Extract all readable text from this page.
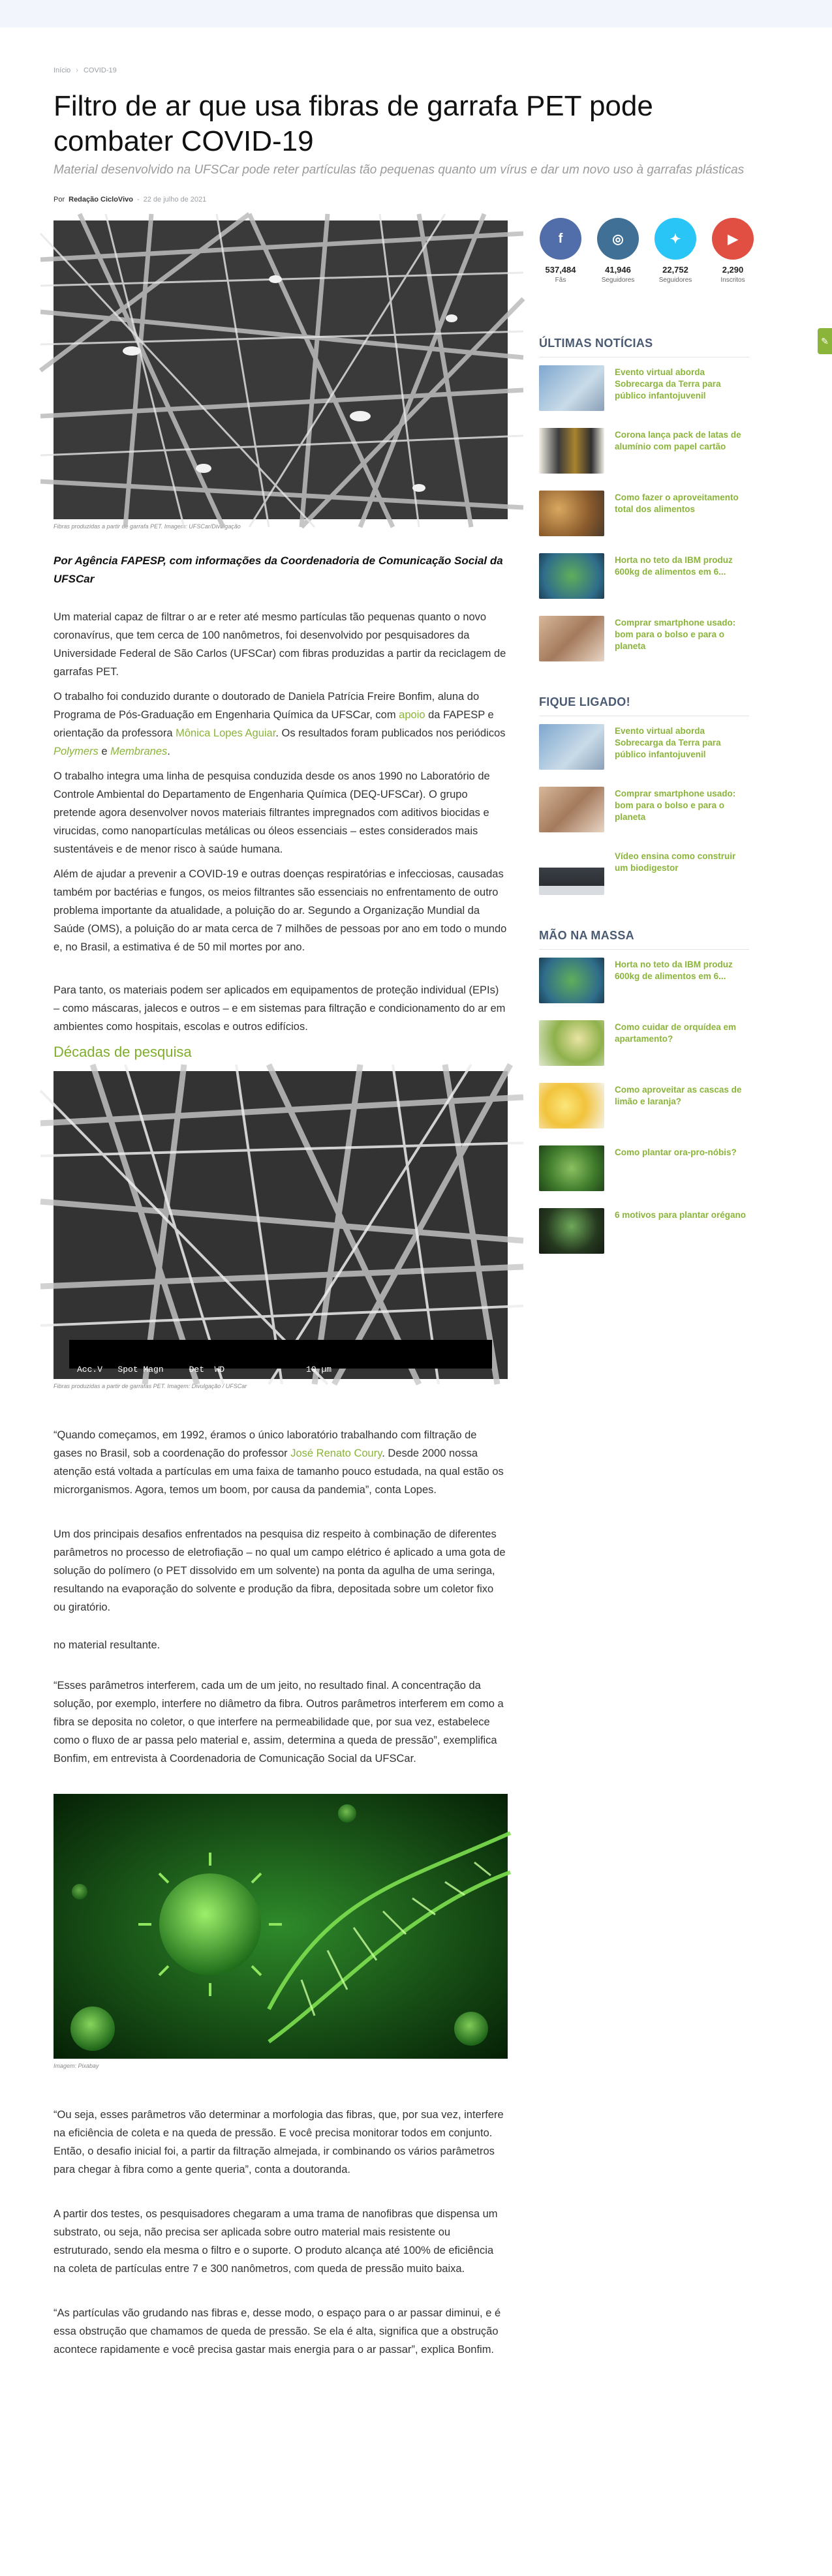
✎
Início › COVID-19
Filtro de ar que usa fibras de garrafa PET pode combater COVID-19
Material desenvolvido na UFSCar pode reter partículas tão pequenas quanto um vírus e dar um novo uso à garrafas plásticas
Por Redação CicloVivo - 22 de julho de 2021
Fibras produzidas a partir de garrafa PET. Imagem: UFSCar/Divulgação

Por Agência FAPESP, com informações da Coordenadoria de Comunicação Social da UFSCar

Um material capaz de filtrar o ar e reter até mesmo partículas tão pequenas quanto o novo coronavírus, que tem cerca de 100 nanômetros, foi desenvolvido por pesquisadores da Universidade Federal de São Carlos (UFSCar) com fibras produzidas a partir da reciclagem de garrafas PET.

O trabalho foi conduzido durante o doutorado de Daniela Patrícia Freire Bonfim, aluna do Programa de Pós-Graduação em Engenharia Química da UFSCar, com apoio da FAPESP e orientação da professora Mônica Lopes Aguiar. Os resultados foram publicados nos periódicos Polymers e Membranes.

O trabalho integra uma linha de pesquisa conduzida desde os anos 1990 no Laboratório de Controle Ambiental do Departamento de Engenharia Química (DEQ-UFSCar). O grupo pretende agora desenvolver novos materiais filtrantes impregnados com aditivos biocidas e virucidas, como nanopartículas metálicas ou óleos essenciais – estes considerados mais sustentáveis e de menor risco à saúde humana.

Além de ajudar a prevenir a COVID-19 e outras doenças respiratórias e infecciosas, causadas também por bactérias e fungos, os meios filtrantes são essenciais no enfrentamento de outro problema importante da atualidade, a poluição do ar. Segundo a Organização Mundial da Saúde (OMS), a poluição do ar mata cerca de 7 milhões de pessoas por ano em todo o mundo e, no Brasil, a estimativa é de 50 mil mortes por ano.

Para tanto, os materiais podem ser aplicados em equipamentos de proteção individual (EPIs) – como máscaras, jalecos e outros – e em sistemas para filtração e condicionamento do ar em ambientes como hospitais, escolas e outros edifícios.

Décadas de pesquisa

Acc.V   Spot Magn     Det  WD                10 µm

25.0 kV  4.0    2000x    BSE  9.1    UFSCar - DEMa - LCE - FEG

Fibras produzidas a partir de garrafas PET. Imagem: Divulgação / UFSCar

“Quando começamos, em 1992, éramos o único laboratório trabalhando com filtração de gases no Brasil, sob a coordenação do professor José Renato Coury. Desde 2000 nossa atenção está voltada a partículas em uma faixa de tamanho pouco estudada, na qual estão os microrganismos. Agora, temos um boom, por causa da pandemia”, conta Lopes.

Um dos principais desafios enfrentados na pesquisa diz respeito à combinação de diferentes parâmetros no processo de eletrofiação – no qual um campo elétrico é aplicado a uma gota de solução do polímero (o PET dissolvido em um solvente) na ponta da agulha de uma seringa, resultando na evaporação do solvente e produção da fibra, depositada sobre um coletor fixo ou giratório.

no material resultante.

“Esses parâmetros interferem, cada um de um jeito, no resultado final. A concentração da solução, por exemplo, interfere no diâmetro da fibra. Outros parâmetros interferem em como a fibra se deposita no coletor, o que interfere na permeabilidade que, por sua vez, estabelece como o fluxo de ar passa pelo material e, assim, determina a queda de pressão”, exemplifica Bonfim, em entrevista à Coordenadoria de Comunicação Social da UFSCar.

Imagem: Pixabay

“Ou seja, esses parâmetros vão determinar a morfologia das fibras, que, por sua vez, interfere na eficiência de coleta e na queda de pressão. E você precisa monitorar todos em conjunto. Então, o desafio inicial foi, a partir da filtração almejada, ir combinando os vários parâmetros para chegar à fibra como a gente queria”, conta a doutoranda.

A partir dos testes, os pesquisadores chegaram a uma trama de nanofibras que dispensa um substrato, ou seja, não precisa ser aplicada sobre outro material mais resistente ou estruturado, sendo ela mesma o filtro e o suporte. O produto alcança até 100% de eficiência na coleta de partículas entre 7 e 300 nanômetros, com queda de pressão muito baixa.

“As partículas vão grudando nas fibras e, desse modo, o espaço para o ar passar diminui, e é essa obstrução que chamamos de queda de pressão. Se ela é alta, significa que a obstrução acontece rapidamente e você precisa gastar mais energia para o ar passar”, explica Bonfim.

f
537,484
Fãs
◎
41,946
Seguidores
✦
22,752
Seguidores
▶
2,290
Inscritos
ÚLTIMAS NOTÍCIAS
Evento virtual aborda Sobrecarga da Terra para público infantojuvenil
Corona lança pack de latas de alumínio com papel cartão
Como fazer o aproveitamento total dos alimentos
Horta no teto da IBM produz 600kg de alimentos em 6...
Comprar smartphone usado: bom para o bolso e para o planeta
FIQUE LIGADO!
Evento virtual aborda Sobrecarga da Terra para público infantojuvenil
Comprar smartphone usado: bom para o bolso e para o planeta
Vídeo ensina como construir um biodigestor
MÃO NA MASSA
Horta no teto da IBM produz 600kg de alimentos em 6...
Como cuidar de orquídea em apartamento?
Como aproveitar as cascas de limão e laranja?
Como plantar ora-pro-nóbis?
6 motivos para plantar orégano
